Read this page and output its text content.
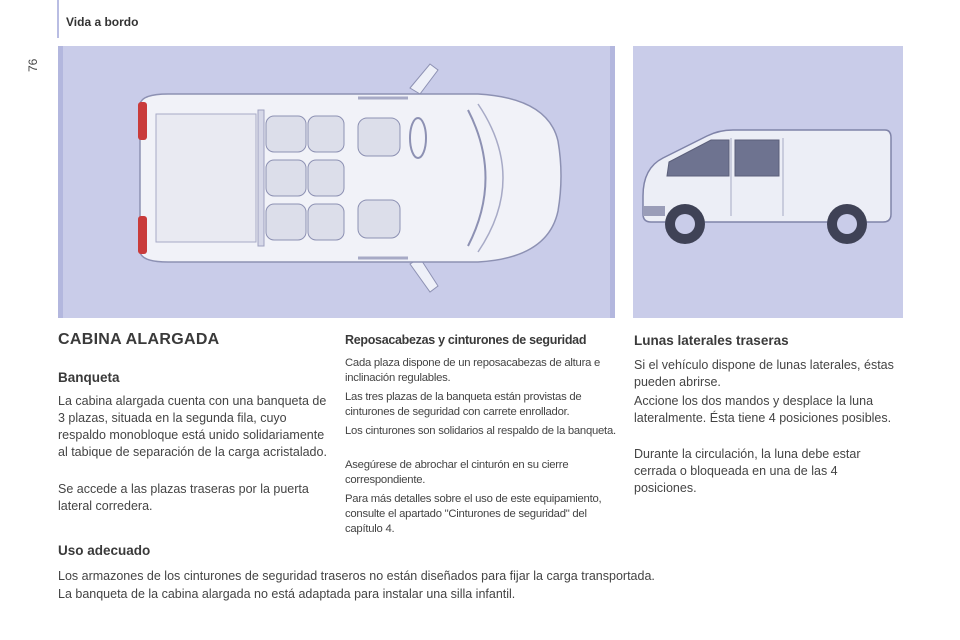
Vida a bordo
76
CABINA ALARGADA
Banqueta

La cabina alargada cuenta con una banqueta de 3 plazas, situada en la segunda fila, cuyo respaldo monobloque está unido solidariamente al tabique de separación de la carga acristalado.

Se accede a las plazas traseras por la puerta lateral corredera.

Reposacabezas y cinturones de seguridad

Cada plaza dispone de un reposacabezas de altura e inclinación regulables.

Las tres plazas de la banqueta están provistas de cinturones de seguridad con carrete enrollador.

Los cinturones son solidarios al respaldo de la banqueta.

Asegúrese de abrochar el cinturón en su cierre correspondiente.

Para más detalles sobre el uso de este equipamiento, consulte el apartado "Cinturones de seguridad" del capítulo 4.

Lunas laterales traseras

Si el vehículo dispone de lunas laterales, éstas pueden abrirse.

Accione los dos mandos y desplace la luna lateralmente. Ésta tiene 4 posiciones posibles.

Durante la circulación, la luna debe estar cerrada o bloqueada en una de las 4 posiciones.

Uso adecuado

Los armazones de los cinturones de seguridad traseros no están diseñados para fijar la carga transportada.

La banqueta de la cabina alargada no está adaptada para instalar una silla infantil.
